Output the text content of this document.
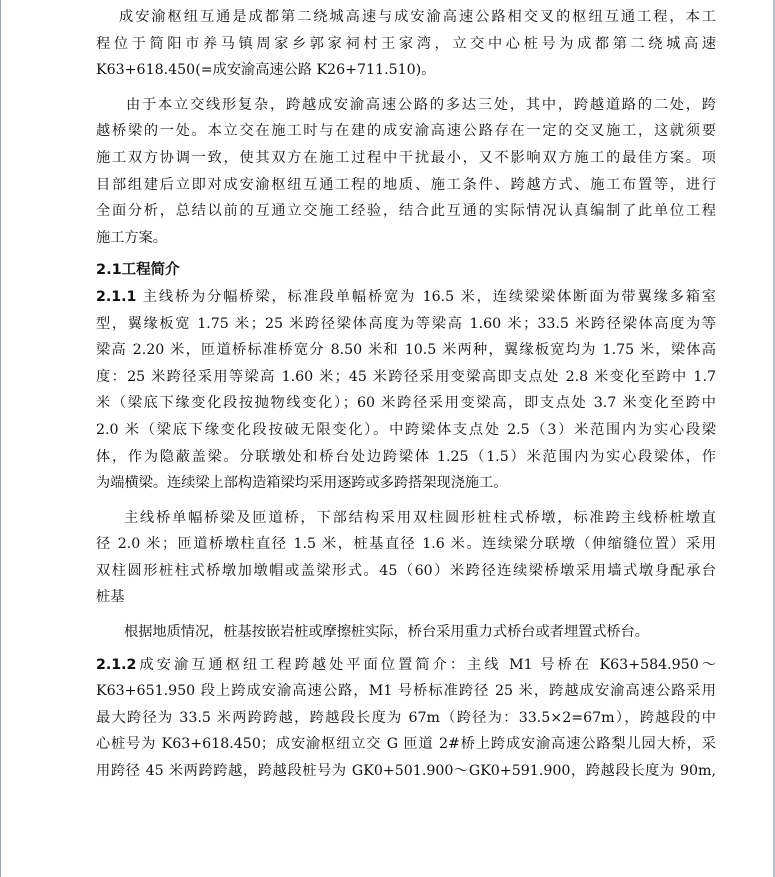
成安渝枢纽互通是成都第二绕城高速与成安渝高速公路相交叉的枢纽互通工程，本工
程位于简阳市养马镇周家乡郭家祠村王家湾，立交中心桩号为成都第二绕城高速
K63+618.450(=成安渝高速公路 K26+711.510)。
由于本立交线形复杂，跨越成安渝高速公路的多达三处，其中，跨越道路的二处，跨
越桥梁的一处。本立交在施工时与在建的成安渝高速公路存在一定的交叉施工，这就须要
施工双方协调一致，使其双方在施工过程中干扰最小，又不影响双方施工的最佳方案。项
目部组建后立即对成安渝枢纽互通工程的地质、施工条件、跨越方式、施工布置等，进行
全面分析，总结以前的互通立交施工经验，结合此互通的实际情况认真编制了此单位工程
施工方案。
2.1工程简介
2.1.1 主线桥为分幅桥梁，标准段单幅桥宽为 16.5 米，连续梁梁体断面为带翼缘多箱室
型，翼缘板宽 1.75 米；25 米跨径梁体高度为等梁高 1.60 米；33.5 米跨径梁体高度为等
梁高 2.20 米，匝道桥标准桥宽分 8.50 米和 10.5 米两种，翼缘板宽均为 1.75 米，梁体高
度：25 米跨径采用等梁高 1.60 米；45 米跨径采用变梁高即支点处 2.8 米变化至跨中 1.7
米（梁底下缘变化段按抛物线变化）；60 米跨径采用变梁高，即支点处 3.7 米变化至跨中
2.0 米（梁底下缘变化段按破无限变化）。中跨梁体支点处 2.5（3）米范围内为实心段梁
体，作为隐蔽盖梁。分联墩处和桥台处边跨梁体 1.25（1.5）米范围内为实心段梁体，作
为端横梁。连续梁上部构造箱梁均采用逐跨或多跨搭架现浇施工。
主线桥单幅桥梁及匝道桥，下部结构采用双柱圆形桩柱式桥墩，标准跨主线桥桩墩直
径 2.0 米；匝道桥墩柱直径 1.5 米，桩基直径 1.6 米。连续梁分联墩（伸缩缝位置）采用
双柱圆形桩柱式桥墩加墩帽或盖梁形式。45（60）米跨径连续梁桥墩采用墙式墩身配承台
桩基
根据地质情况，桩基按嵌岩桩或摩擦桩实际，桥台采用重力式桥台或者埋置式桥台。
2.1.2成安渝互通枢纽工程跨越处平面位置简介：主线 M1 号桥在 K63+584.950～
K63+651.950 段上跨成安渝高速公路，M1 号桥标准跨径 25 米，跨越成安渝高速公路采用
最大跨径为 33.5 米两跨跨越，跨越段长度为 67m（跨径为：33.5×2=67m），跨越段的中
心桩号为 K63+618.450；成安渝枢纽立交 G 匝道 2#桥上跨成安渝高速公路梨儿园大桥，采
用跨径 45 米两跨跨越，跨越段桩号为 GK0+501.900～GK0+591.900，跨越段长度为 90m,
